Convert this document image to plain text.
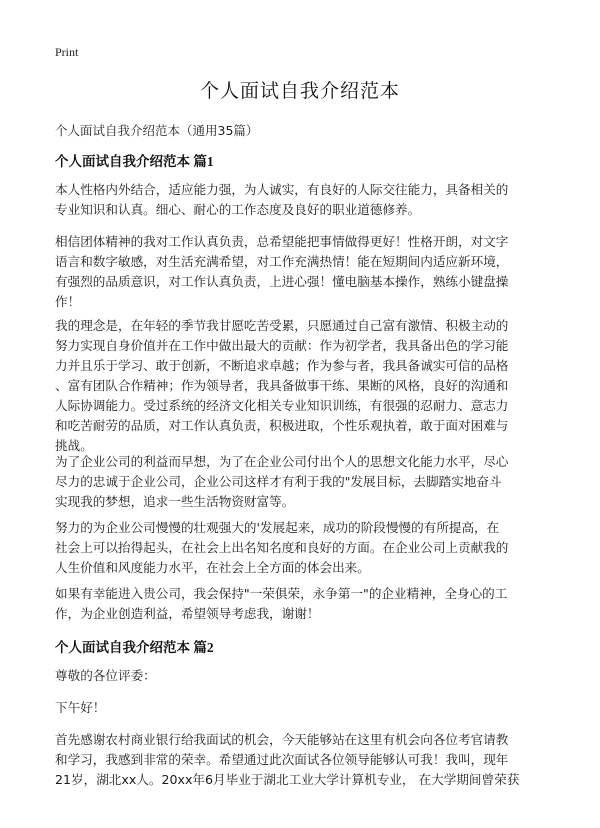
Print
个人面试自我介绍范本
个人面试自我介绍范本（通用35篇）
个人面试自我介绍范本 篇1
本人性格内外结合，适应能力强，为人诚实，有良好的人际交往能力，具备相关的
专业知识和认真。细心、耐心的工作态度及良好的职业道德修养。
相信团体精神的我对工作认真负责，总希望能把事情做得更好！性格开朗，对文字
语言和数字敏感，对生活充满希望，对工作充满热情！能在短期间内适应新环境，
有强烈的品质意识，对工作认真负责，上进心强！懂电脑基本操作，熟练小键盘操
作！
我的理念是，在年轻的季节我甘愿吃苦受累，只愿通过自己富有激情、积极主动的
努力实现自身价值并在工作中做出最大的贡献：作为初学者，我具备出色的学习能
力并且乐于学习、敢于创新，不断追求卓越；作为参与者，我具备诚实可信的品格
、富有团队合作精神；作为领导者，我具备做事干练、果断的风格，良好的沟通和
人际协调能力。受过系统的经济文化相关专业知识训练，有很强的忍耐力、意志力
和吃苦耐劳的品质，对工作认真负责，积极进取，个性乐观执着，敢于面对困难与
挑战。
为了企业公司的利益而早想，为了在企业公司付出个人的思想文化能力水平，尽心
尽力的忠诚于企业公司，企业公司这样才有利于我的"发展目标，去脚踏实地奋斗
实现我的梦想，追求一些生活物资财富等。
努力的为企业公司慢慢的壮观强大的'发展起来，成功的阶段慢慢的有所提高，在
社会上可以抬得起头，在社会上出名知名度和良好的方面。在企业公司上贡献我的
人生价值和风度能力水平，在社会上全方面的体会出来。
如果有幸能进入贵公司，我会保持"一荣俱荣，永争第一"的企业精神，全身心的工
作，为企业创造利益，希望领导考虑我，谢谢！
个人面试自我介绍范本 篇2
尊敬的各位评委：
下午好！
首先感谢农村商业银行给我面试的机会，今天能够站在这里有机会向各位考官请教
和学习，我感到非常的荣幸。希望通过此次面试各位领导能够认可我！我叫，现年
21岁，湖北xx人。20xx年6月毕业于湖北工业大学计算机专业， 在大学期间曾荣获
